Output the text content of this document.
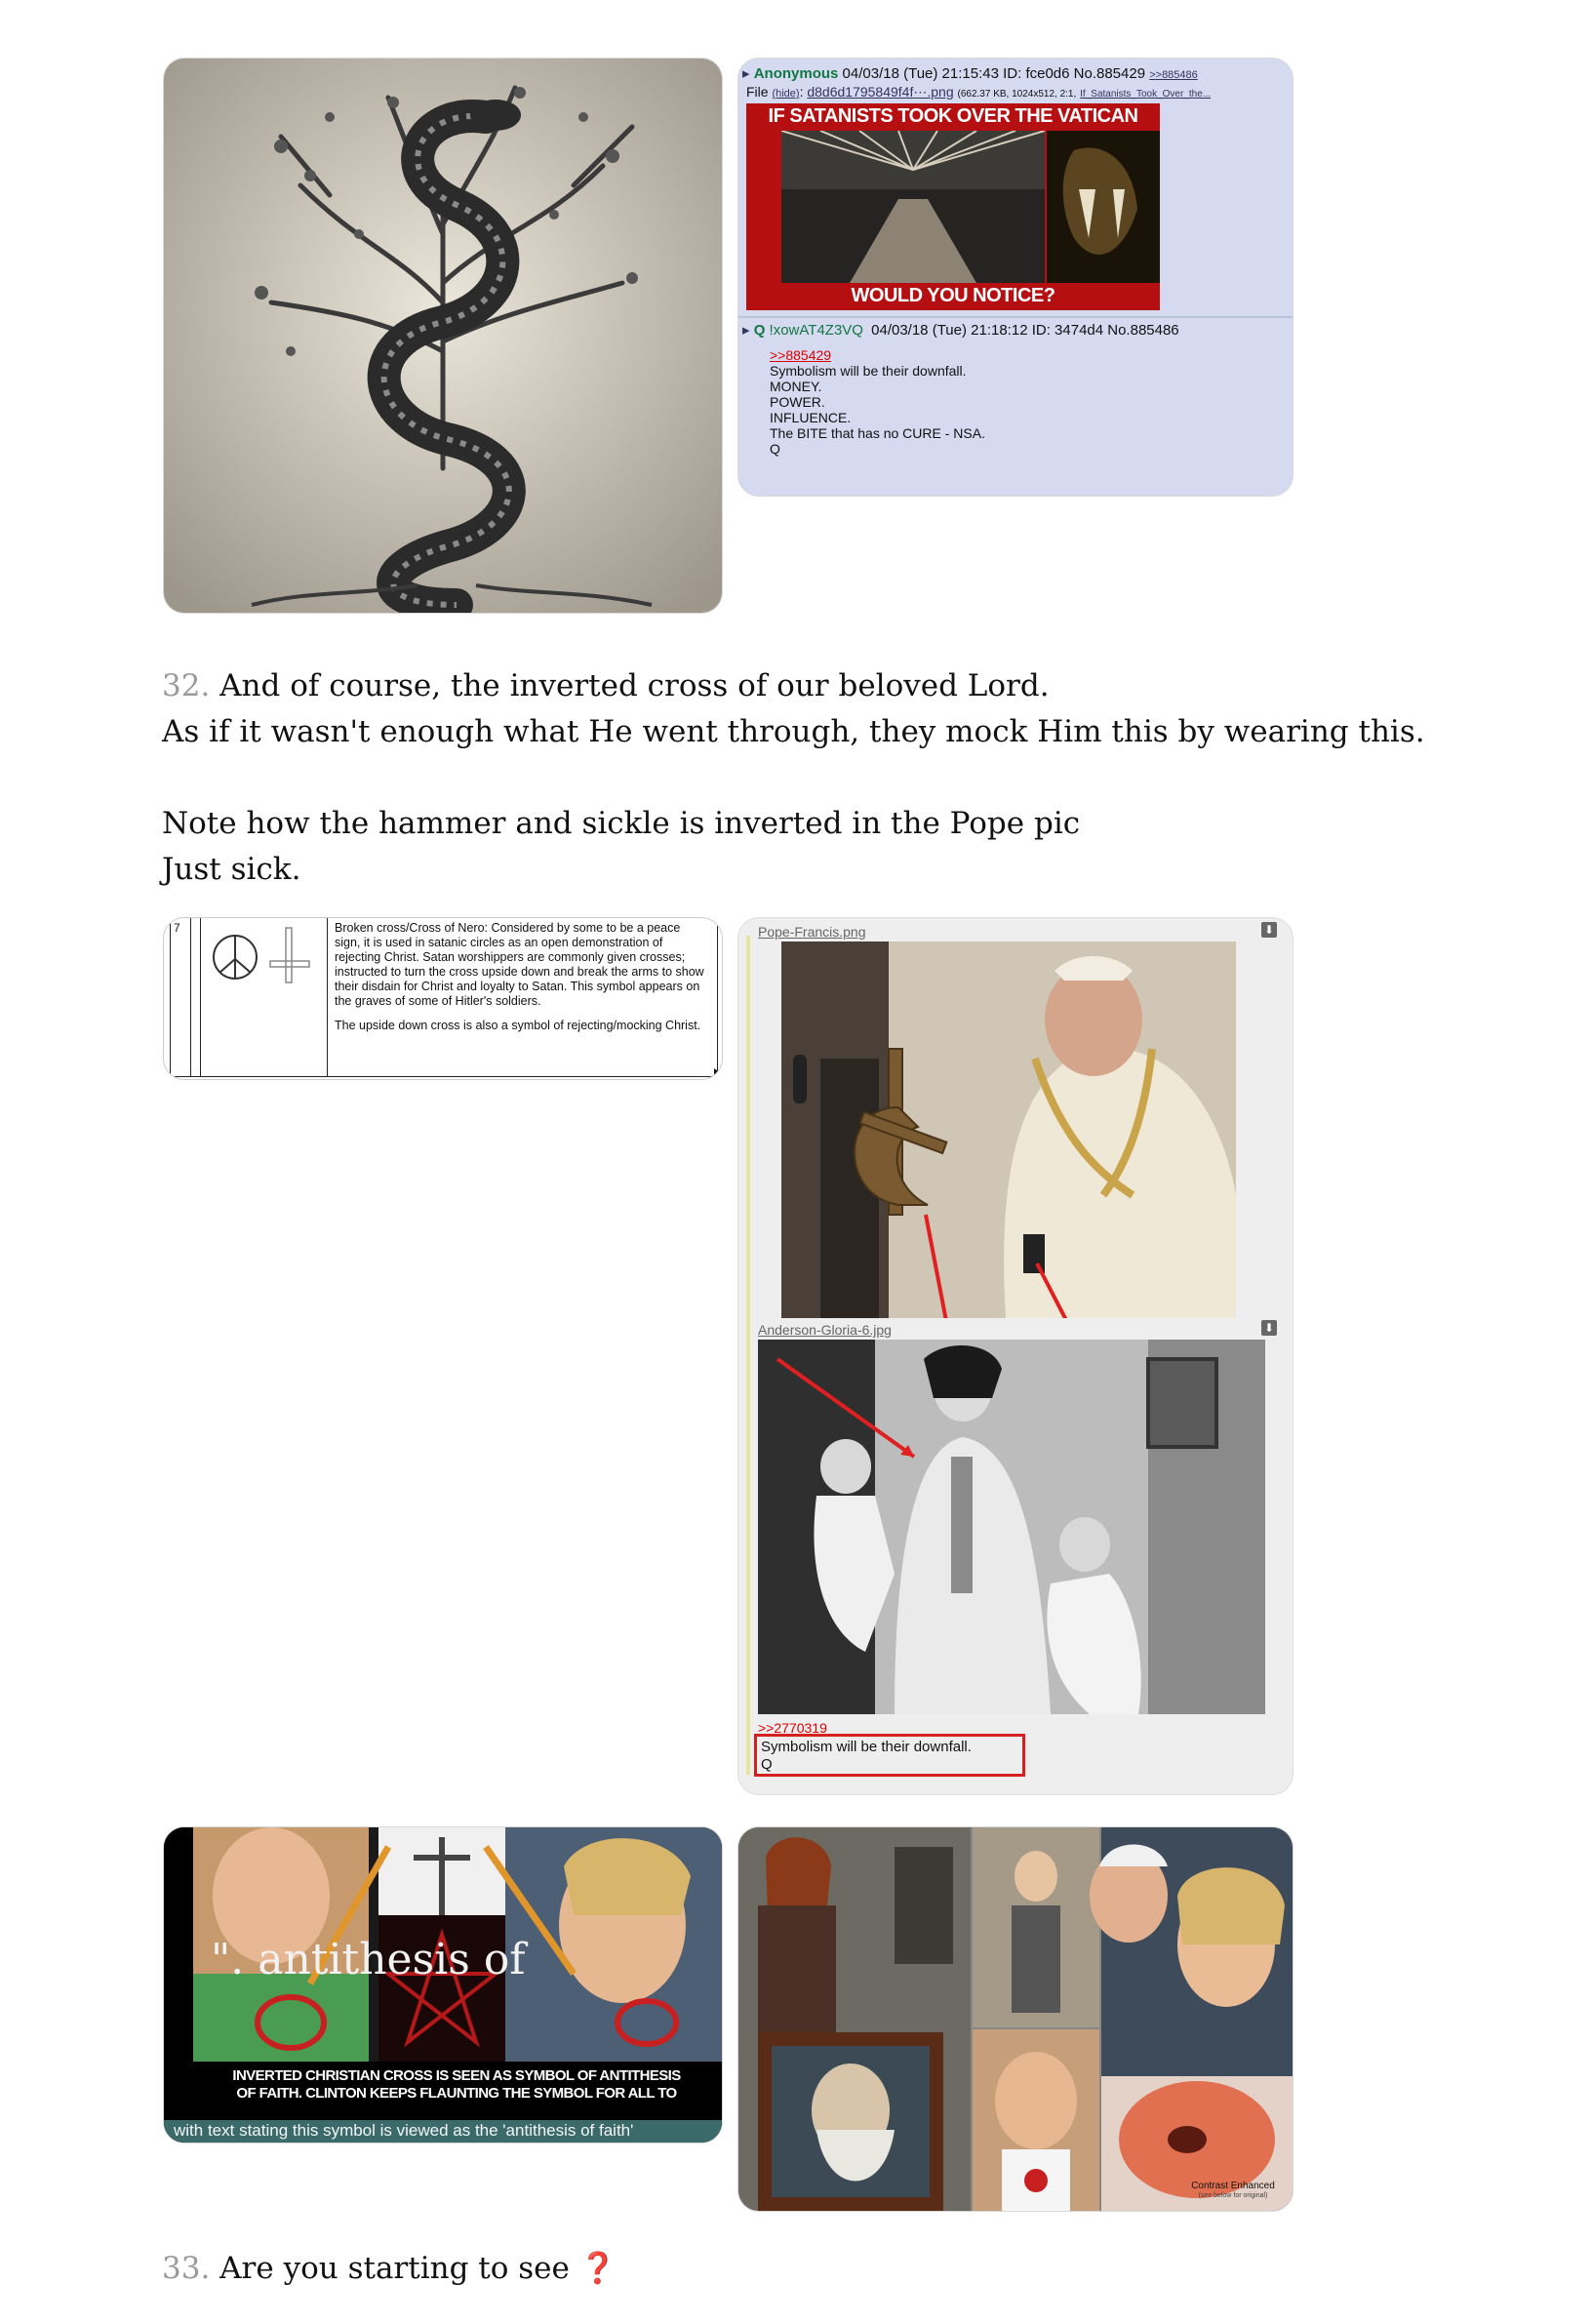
▸ Anonymous 04/03/18 (Tue) 21:15:43 ID: fce0d6 No.885429 >>885486
File (hide): d8d6d1795849f4f⋯.png (662.37 KB, 1024x512, 2:1, If_Satanists_Took_Over_the...
IF SATANISTS TOOK OVER THE VATICAN
WOULD YOU NOTICE?
▸ Q !xowAT4Z3VQ 04/03/18 (Tue) 21:18:12 ID: 3474d4 No.885486
>>885429
Symbolism will be their downfall.
MONEY.
POWER.
INFLUENCE.
The BITE that has no CURE - NSA.
Q
32. And of course, the inverted cross of our beloved Lord.
As if it wasn't enough what He went through, they mock Him this by wearing this.
Note how the hammer and sickle is inverted in the Pope pic
Just sick.
7	Broken cross/Cross of Nero: Considered by some to be a peace sign, it is used in satanic circles as an open demonstration of rejecting Christ. Satan worshippers are commonly given crosses; instructed to turn the cross upside down and break the arms to show their disdain for Christ and loyalty to Satan. This symbol appears on the graves of some of Hitler's soldiers.
The upside down cross is also a symbol of rejecting/mocking Christ.
Pope-Francis.png	⬇
Anderson-Gloria-6.jpg	⬇
>>2770319
Symbolism will be their downfall.
Q
". antithesis of
INVERTED CHRISTIAN CROSS IS SEEN AS SYMBOL OF ANTITHESIS OF FAITH. CLINTON KEEPS FLAUNTING THE SYMBOL FOR ALL TO
with text stating this symbol is viewed as the 'antithesis of faith'
Contrast Enhanced
(see below for original)
33. Are you starting to see ❓
